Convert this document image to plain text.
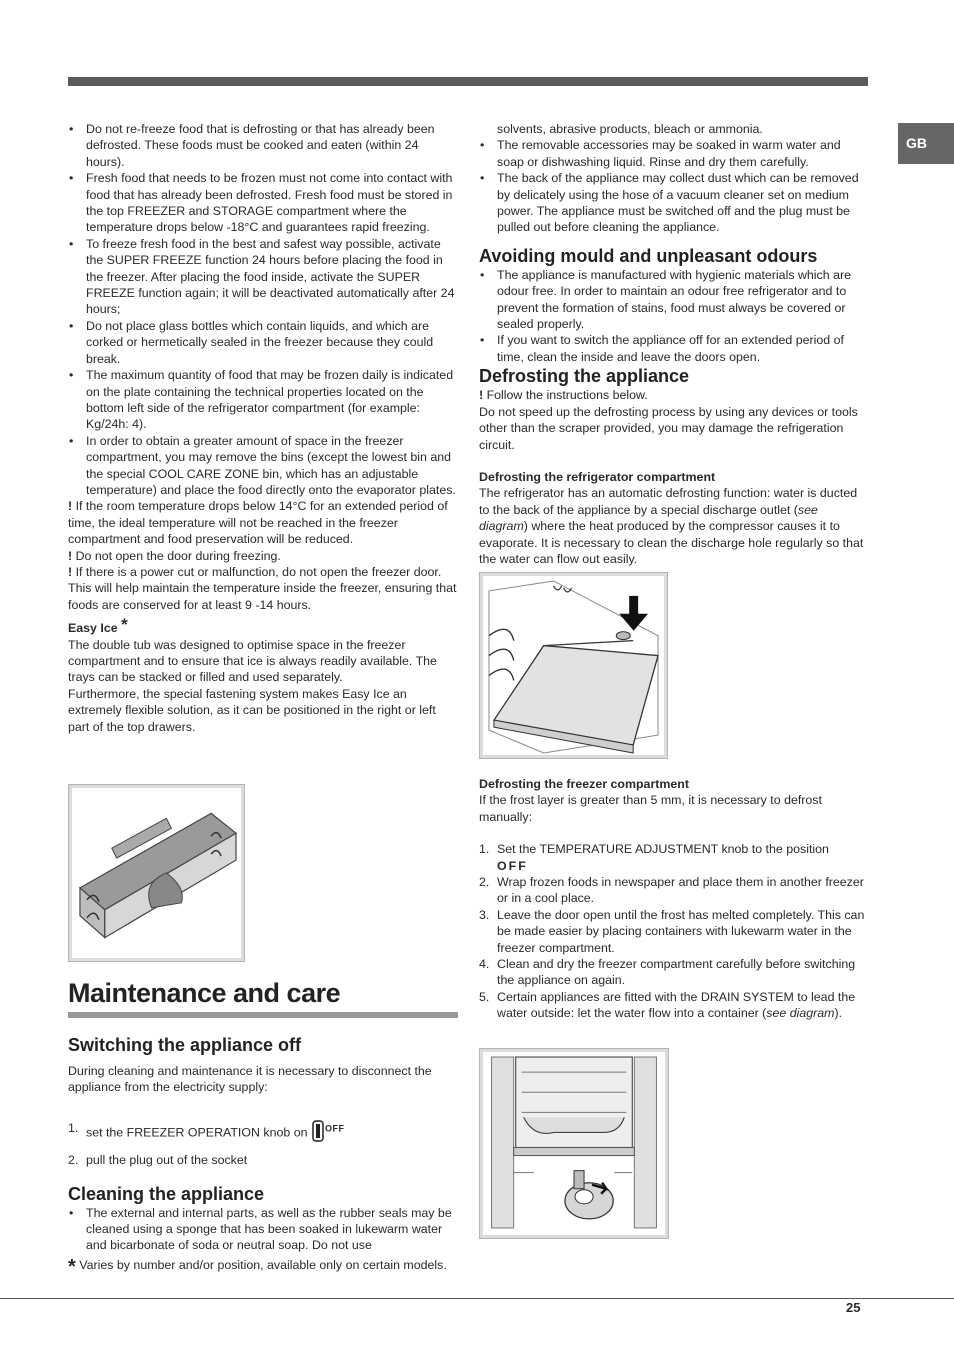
GB
• Do not re-freeze food that is defrosting or that has already been defrosted. These foods must be cooked and eaten (within 24 hours).
• Fresh food that needs to be frozen must not come into contact with food that has already been defrosted. Fresh food must be stored in the top FREEZER and STORAGE compartment where the temperature drops below -18°C and guarantees rapid freezing.
• To freeze fresh food in the best and safest way possible, activate the SUPER FREEZE function 24 hours before placing the food in the freezer. After placing the food inside, activate the SUPER FREEZE function again; it will be deactivated automatically after 24 hours;
• Do not place glass bottles which contain liquids, and which are corked or hermetically sealed in the freezer because they could break.
• The maximum quantity of food that may be frozen daily is indicated on the plate containing the technical properties located on the bottom left side of the refrigerator compartment (for example: Kg/24h: 4).
• In order to obtain a greater amount of space in the freezer compartment, you may remove the bins (except the lowest bin and the special COOL CARE ZONE bin, which has an adjustable temperature) and place the food directly onto the evaporator plates.

! If the room temperature drops below 14°C for an extended period of time, the ideal temperature will not be reached in the freezer compartment and food preservation will be reduced.

! Do not open the door during freezing.

! If there is a power cut or malfunction, do not open the freezer door. This will help maintain the temperature inside the freezer, ensuring that foods are conserved for at least 9 -14 hours.

Easy Ice *

The double tub was designed to optimise space in the freezer compartment and to ensure that ice is always readily available. The trays can be stacked or filled and used separately.

Furthermore, the special fastening system makes Easy Ice an extremely flexible solution, as it can be positioned in the right or left part of the top drawers.

Maintenance and care
Switching the appliance off

During cleaning and maintenance it is necessary to disconnect the appliance from the electricity supply:

1. set the FREEZER OPERATION knob on $^{OFF}$
2. pull the plug out of the socket
Cleaning the appliance
• The external and internal parts, as well as the rubber seals may be cleaned using a sponge that has been soaked in lukewarm water and bicarbonate of soda or neutral soap. Do not use

solvents, abrasive products, bleach or ammonia.

• The removable accessories may be soaked in warm water and soap or dishwashing liquid. Rinse and dry them carefully.
• The back of the appliance may collect dust which can be removed by delicately using the hose of a vacuum cleaner set on medium power. The appliance must be switched off and the plug must be pulled out before cleaning the appliance.
Avoiding mould and unpleasant odours
• The appliance is manufactured with hygienic materials which are odour free. In order to maintain an odour free refrigerator and to prevent the formation of stains, food must always be covered or sealed properly.
• If you want to switch the appliance off for an extended period of time, clean the inside and leave the doors open.
Defrosting the appliance

! Follow the instructions below.

Do not speed up the defrosting process by using any devices or tools other than the scraper provided, you may damage the refrigeration circuit.

Defrosting the refrigerator compartment

The refrigerator has an automatic defrosting function: water is ducted to the back of the appliance by a special discharge outlet (see diagram) where the heat produced by the compressor causes it to evaporate. It is necessary to clean the discharge hole regularly so that the water can flow out easily.

Defrosting the freezer compartment

If the frost layer is greater than 5 mm, it is necessary to defrost manually:

1. Set the TEMPERATURE ADJUSTMENT knob to the position
OFF
2. Wrap frozen foods in newspaper and place them in another freezer or in a cool place.
3. Leave the door open until the frost has melted completely. This can be made easier by placing containers with lukewarm water in the freezer compartment.
4. Clean and dry the freezer compartment carefully before switching the appliance on again.
5. Certain appliances are fitted with the DRAIN SYSTEM to lead the water outside: let the water flow into a container (see diagram).
* Varies by number and/or position, available only on certain models.
25
